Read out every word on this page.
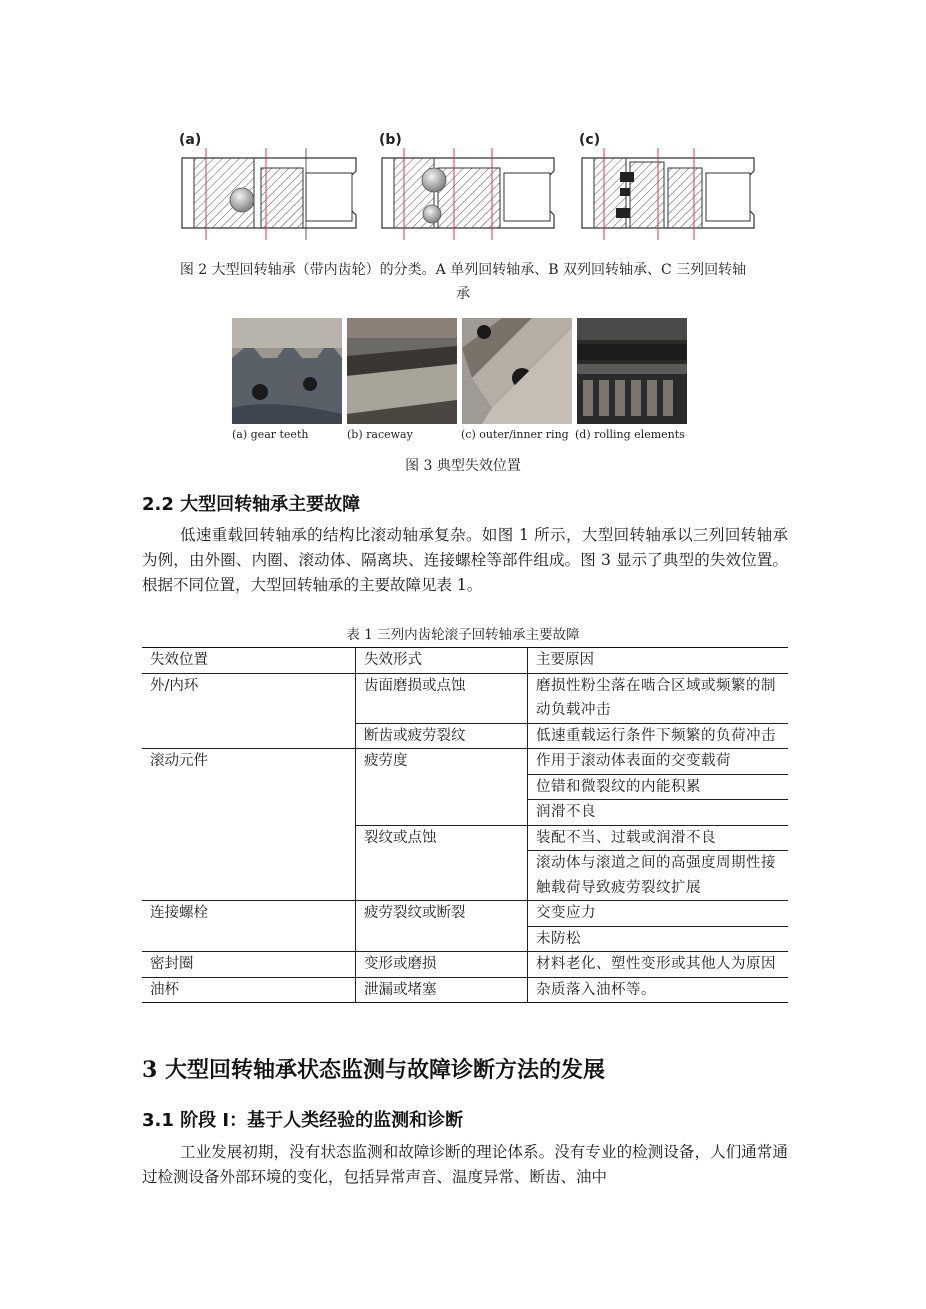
(a)	(b)	(c)
图 2 大型回转轴承（带内齿轮）的分类。A 单列回转轴承、B 双列回转轴承、C 三列回转轴
承
(a) gear teeth	(b) raceway	(c) outer/inner ring (d) rolling elements
图 3 典型失效位置
2.2 大型回转轴承主要故障

低速重载回转轴承的结构比滚动轴承复杂。如图 1 所示，大型回转轴承以三列回转轴承为例，由外圈、内圈、滚动体、隔离块、连接螺栓等部件组成。图 3 显示了典型的失效位置。根据不同位置，大型回转轴承的主要故障见表 1。

表 1 三列内齿轮滚子回转轴承主要故障
失效位置	失效形式	主要原因
外/内环	齿面磨损或点蚀	磨损性粉尘落在啮合区域或频繁的制动负载冲击
	断齿或疲劳裂纹	低速重载运行条件下频繁的负荷冲击
滚动元件	疲劳度	作用于滚动体表面的交变载荷
		位错和微裂纹的内能积累
		润滑不良
	裂纹或点蚀	装配不当、过载或润滑不良
		滚动体与滚道之间的高强度周期性接触载荷导致疲劳裂纹扩展
连接螺栓	疲劳裂纹或断裂	交变应力
		未防松
密封圈	变形或磨损	材料老化、塑性变形或其他人为原因
油杯	泄漏或堵塞	杂质落入油杯等。
3 大型回转轴承状态监测与故障诊断方法的发展
3.1 阶段 I：基于人类经验的监测和诊断

工业发展初期，没有状态监测和故障诊断的理论体系。没有专业的检测设备，人们通常通过检测设备外部环境的变化，包括异常声音、温度异常、断齿、油中
